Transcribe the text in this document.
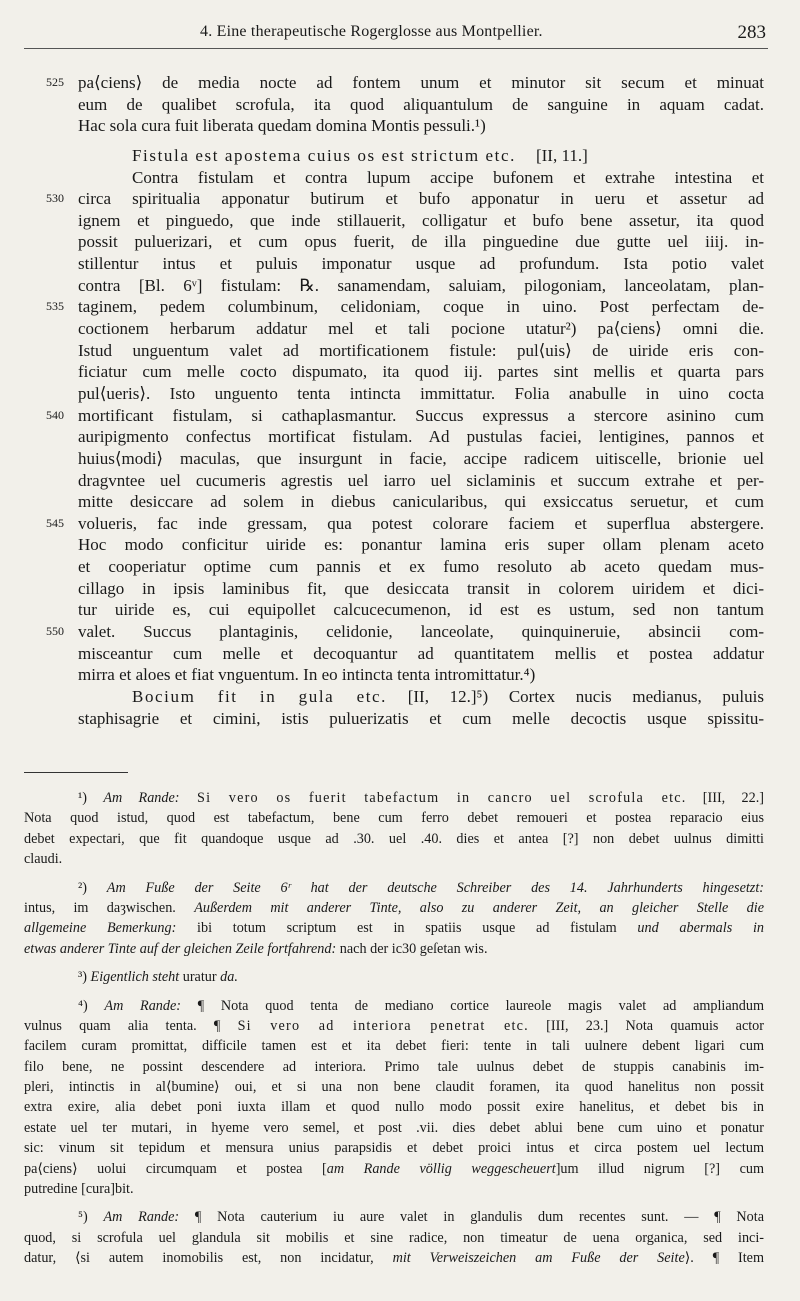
4. Eine therapeutische Rogerglosse aus Montpellier.	283
525 pa⟨ciens⟩ de media nocte ad fontem unum et minutor sit secum et minuat
eum de qualibet scrofula, ita quod aliquantulum de sanguine in aquam cadat.
Hac sola cura fuit liberata quedam domina Montis pessuli.¹)
Fistula est apostema cuius os est strictum etc. [II, 11.]
Contra fistulam et contra lupum accipe bufonem et extrahe intestina et
530 circa spiritualia apponatur butirum et bufo apponatur in ueru et assetur ad
ignem et pinguedo, que inde stillauerit, colligatur et bufo bene assetur, ita quod
possit puluerizari, et cum opus fuerit, de illa pinguedine due gutte uel iiij. in-
stillentur intus et puluis imponatur usque ad profundum. Ista potio valet
contra [Bl. 6ᵛ] fistulam: ℞. sanamendam, saluiam, pilogoniam, lanceolatam, plan-
535 taginem, pedem columbinum, celidoniam, coque in uino. Post perfectam de-
coctionem herbarum addatur mel et tali pocione utatur²) pa⟨ciens⟩ omni die.
Istud unguentum valet ad mortificationem fistule: pul⟨uis⟩ de uiride eris con-
ficiatur cum melle cocto dispumato, ita quod iij. partes sint mellis et quarta pars
pul⟨ueris⟩. Isto unguento tenta intincta immittatur. Folia anabulle in uino cocta
540 mortificant fistulam, si cathaplasmantur. Succus expressus a stercore asinino cum
auripigmento confectus mortificat fistulam. Ad pustulas faciei, lentigines, pannos et
huius⟨modi⟩ maculas, que insurgunt in facie, accipe radicem uitiscelle, brionie uel
dragvntee uel cucumeris agrestis uel iarro uel siclaminis et succum extrahe et per-
mitte desiccare ad solem in diebus canicularibus, qui exsiccatus seruetur, et cum
545 volueris, fac inde gressam, qua potest colorare faciem et superflua abstergere.
Hoc modo conficitur uiride es: ponantur lamina eris super ollam plenam aceto
et cooperiatur optime cum pannis et ex fumo resoluto ab aceto quedam mus-
cillago in ipsis laminibus fit, que desiccata transit in colorem uiridem et dici-
tur uiride es, cui equipollet calcucecumenon, id est es ustum, sed non tantum
550 valet. Succus plantaginis, celidonie, lanceolate, quinquineruie, absincii com-
misceantur cum melle et decoquantur ad quantitatem mellis et postea addatur
mirra et aloes et fiat vnguentum. In eo intincta tenta intromittatur.⁴)
Bocium fit in gula etc. [II, 12.]⁵) Cortex nucis medianus, puluis
staphisagrie et cimini, istis puluerizatis et cum melle decoctis usque spissitu-
¹) Am Rande: Si vero os fuerit tabefactum in cancro uel scrofula etc. [III, 22.]
Nota quod istud, quod est tabefactum, bene cum ferro debet remoueri et postea reparacio eius
debet expectari, que fit quandoque usque ad .30. uel .40. dies et antea [?] non debet uulnus dimitti
claudi.
²) Am Fuße der Seite 6ʳ hat der deutsche Schreiber des 14. Jahrhunderts hingesetzt:
intus, im daȝwischen. Außerdem mit anderer Tinte, also zu anderer Zeit, an gleicher Stelle die
allgemeine Bemerkung: ibi totum scriptum est in spatiis usque ad fistulam und abermals in
etwas anderer Tinte auf der gleichen Zeile fortfahrend: nach der ic30 geſetan wis.
³) Eigentlich steht uratur da.
⁴) Am Rande: ¶ Nota quod tenta de mediano cortice laureole magis valet ad ampliandum
vulnus quam alia tenta. ¶ Si vero ad interiora penetrat etc. [III, 23.] Nota quamuis actor
facilem curam promittat, difficile tamen est et ita debet fieri: tente in tali uulnere debent ligari cum
filo bene, ne possint descendere ad interiora. Primo tale uulnus debet de stuppis canabinis im-
pleri, intinctis in al⟨bumine⟩ oui, et si una non bene claudit foramen, ita quod hanelitus non possit
extra exire, alia debet poni iuxta illam et quod nullo modo possit exire hanelitus, et debet bis in
estate uel ter mutari, in hyeme vero semel, et post .vii. dies debet ablui bene cum uino et ponatur
sic: vinum sit tepidum et mensura unius parapsidis et debet proici intus et circa postem uel lectum
pa⟨ciens⟩ uolui circumquam et postea [am Rande völlig weggescheuert]um illud nigrum [?] cum
putredine [cura]bit.
⁵) Am Rande: ¶ Nota cauterium iu aure valet in glandulis dum recentes sunt. — ¶ Nota
quod, si scrofula uel glandula sit mobilis et sine radice, non timeatur de uena organica, sed inci-
datur, ⟨si autem inomobilis est, non incidatur, mit Verweiszeichen am Fuße der Seite⟩. ¶ Item
